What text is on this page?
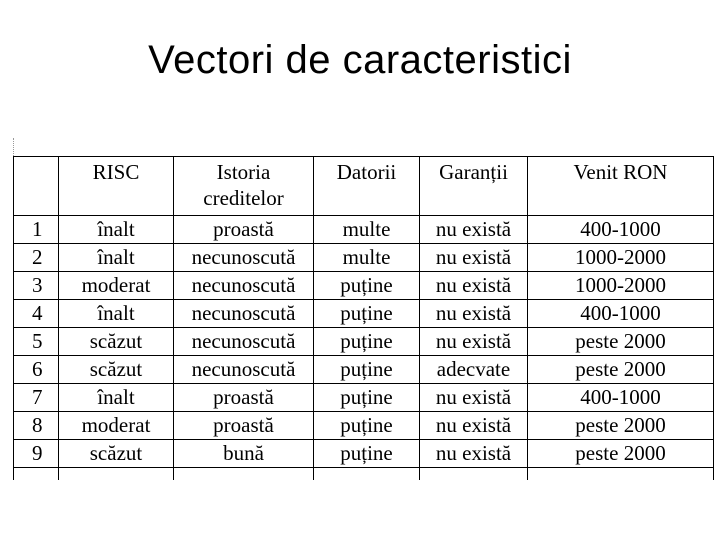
Vectori de caracteristici
	RISC	Istoria
creditelor	Datorii	Garanții	Venit RON
1	înalt	proastă	multe	nu există	400-1000
2	înalt	necunoscută	multe	nu există	1000-2000
3	moderat	necunoscută	puține	nu există	1000-2000
4	înalt	necunoscută	puține	nu există	400-1000
5	scăzut	necunoscută	puține	nu există	peste 2000
6	scăzut	necunoscută	puține	adecvate	peste 2000
7	înalt	proastă	puține	nu există	400-1000
8	moderat	proastă	puține	nu există	peste 2000
9	scăzut	bună	puține	nu există	peste 2000
